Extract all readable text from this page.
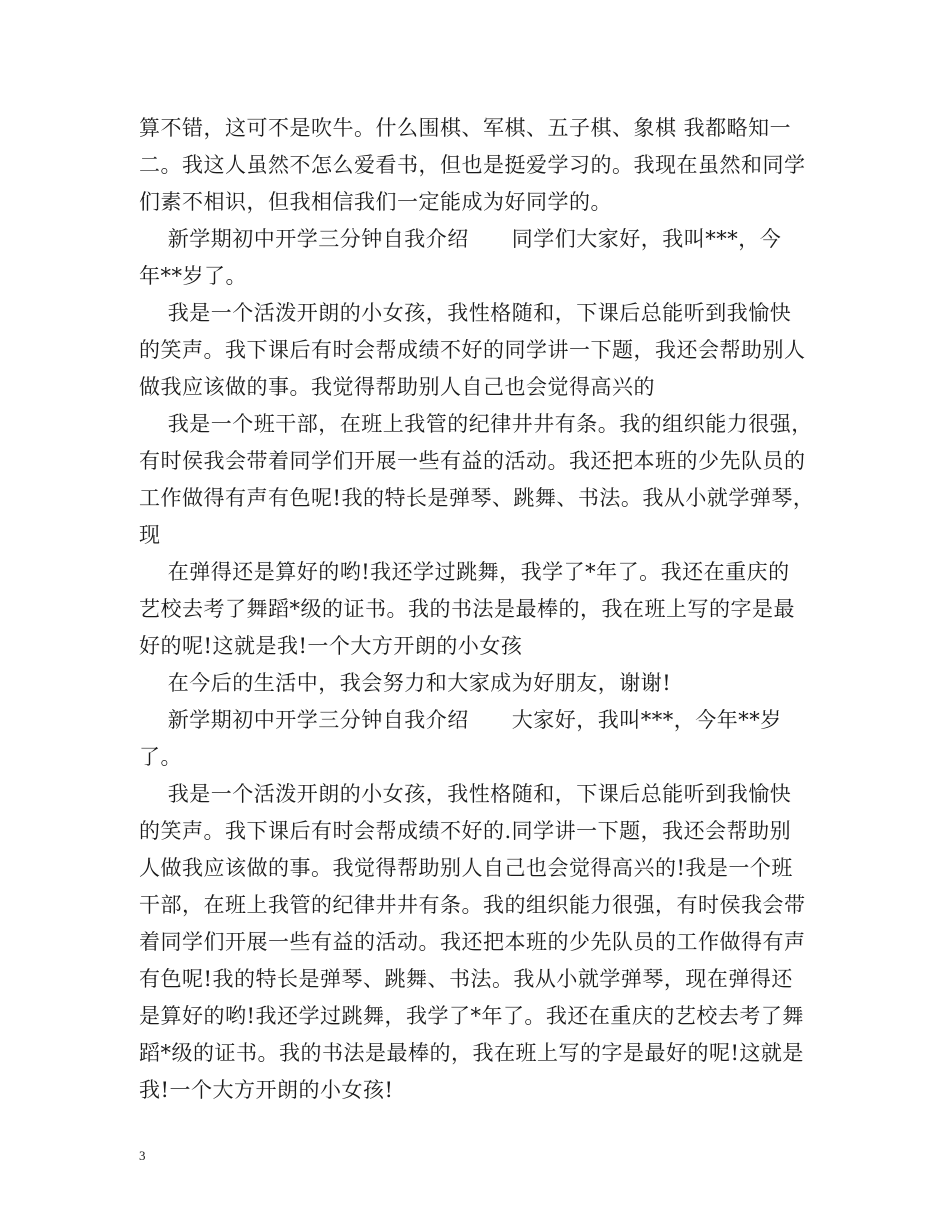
算不错，这可不是吹牛。什么围棋、军棋、五子棋、象棋 我都略知一
二。我这人虽然不怎么爱看书，但也是挺爱学习的。我现在虽然和同学
们素不相识，但我相信我们一定能成为好同学的。
新学期初中开学三分钟自我介绍      同学们大家好，我叫***，今
年**岁了。
我是一个活泼开朗的小女孩，我性格随和，下课后总能听到我愉快
的笑声。我下课后有时会帮成绩不好的同学讲一下题，我还会帮助别人
做我应该做的事。我觉得帮助别人自己也会觉得高兴的
我是一个班干部，在班上我管的纪律井井有条。我的组织能力很强，
有时侯我会带着同学们开展一些有益的活动。我还把本班的少先队员的
工作做得有声有色呢!我的特长是弹琴、跳舞、书法。我从小就学弹琴，
现
在弹得还是算好的哟!我还学过跳舞，我学了*年了。我还在重庆的
艺校去考了舞蹈*级的证书。我的书法是最棒的，我在班上写的字是最
好的呢!这就是我!一个大方开朗的小女孩
在今后的生活中，我会努力和大家成为好朋友，谢谢!
新学期初中开学三分钟自我介绍      大家好，我叫***，今年**岁
了。
我是一个活泼开朗的小女孩，我性格随和，下课后总能听到我愉快
的笑声。我下课后有时会帮成绩不好的.同学讲一下题，我还会帮助别
人做我应该做的事。我觉得帮助别人自己也会觉得高兴的!我是一个班
干部，在班上我管的纪律井井有条。我的组织能力很强，有时侯我会带
着同学们开展一些有益的活动。我还把本班的少先队员的工作做得有声
有色呢!我的特长是弹琴、跳舞、书法。我从小就学弹琴，现在弹得还
是算好的哟!我还学过跳舞，我学了*年了。我还在重庆的艺校去考了舞
蹈*级的证书。我的书法是最棒的，我在班上写的字是最好的呢!这就是
我!一个大方开朗的小女孩!
3
